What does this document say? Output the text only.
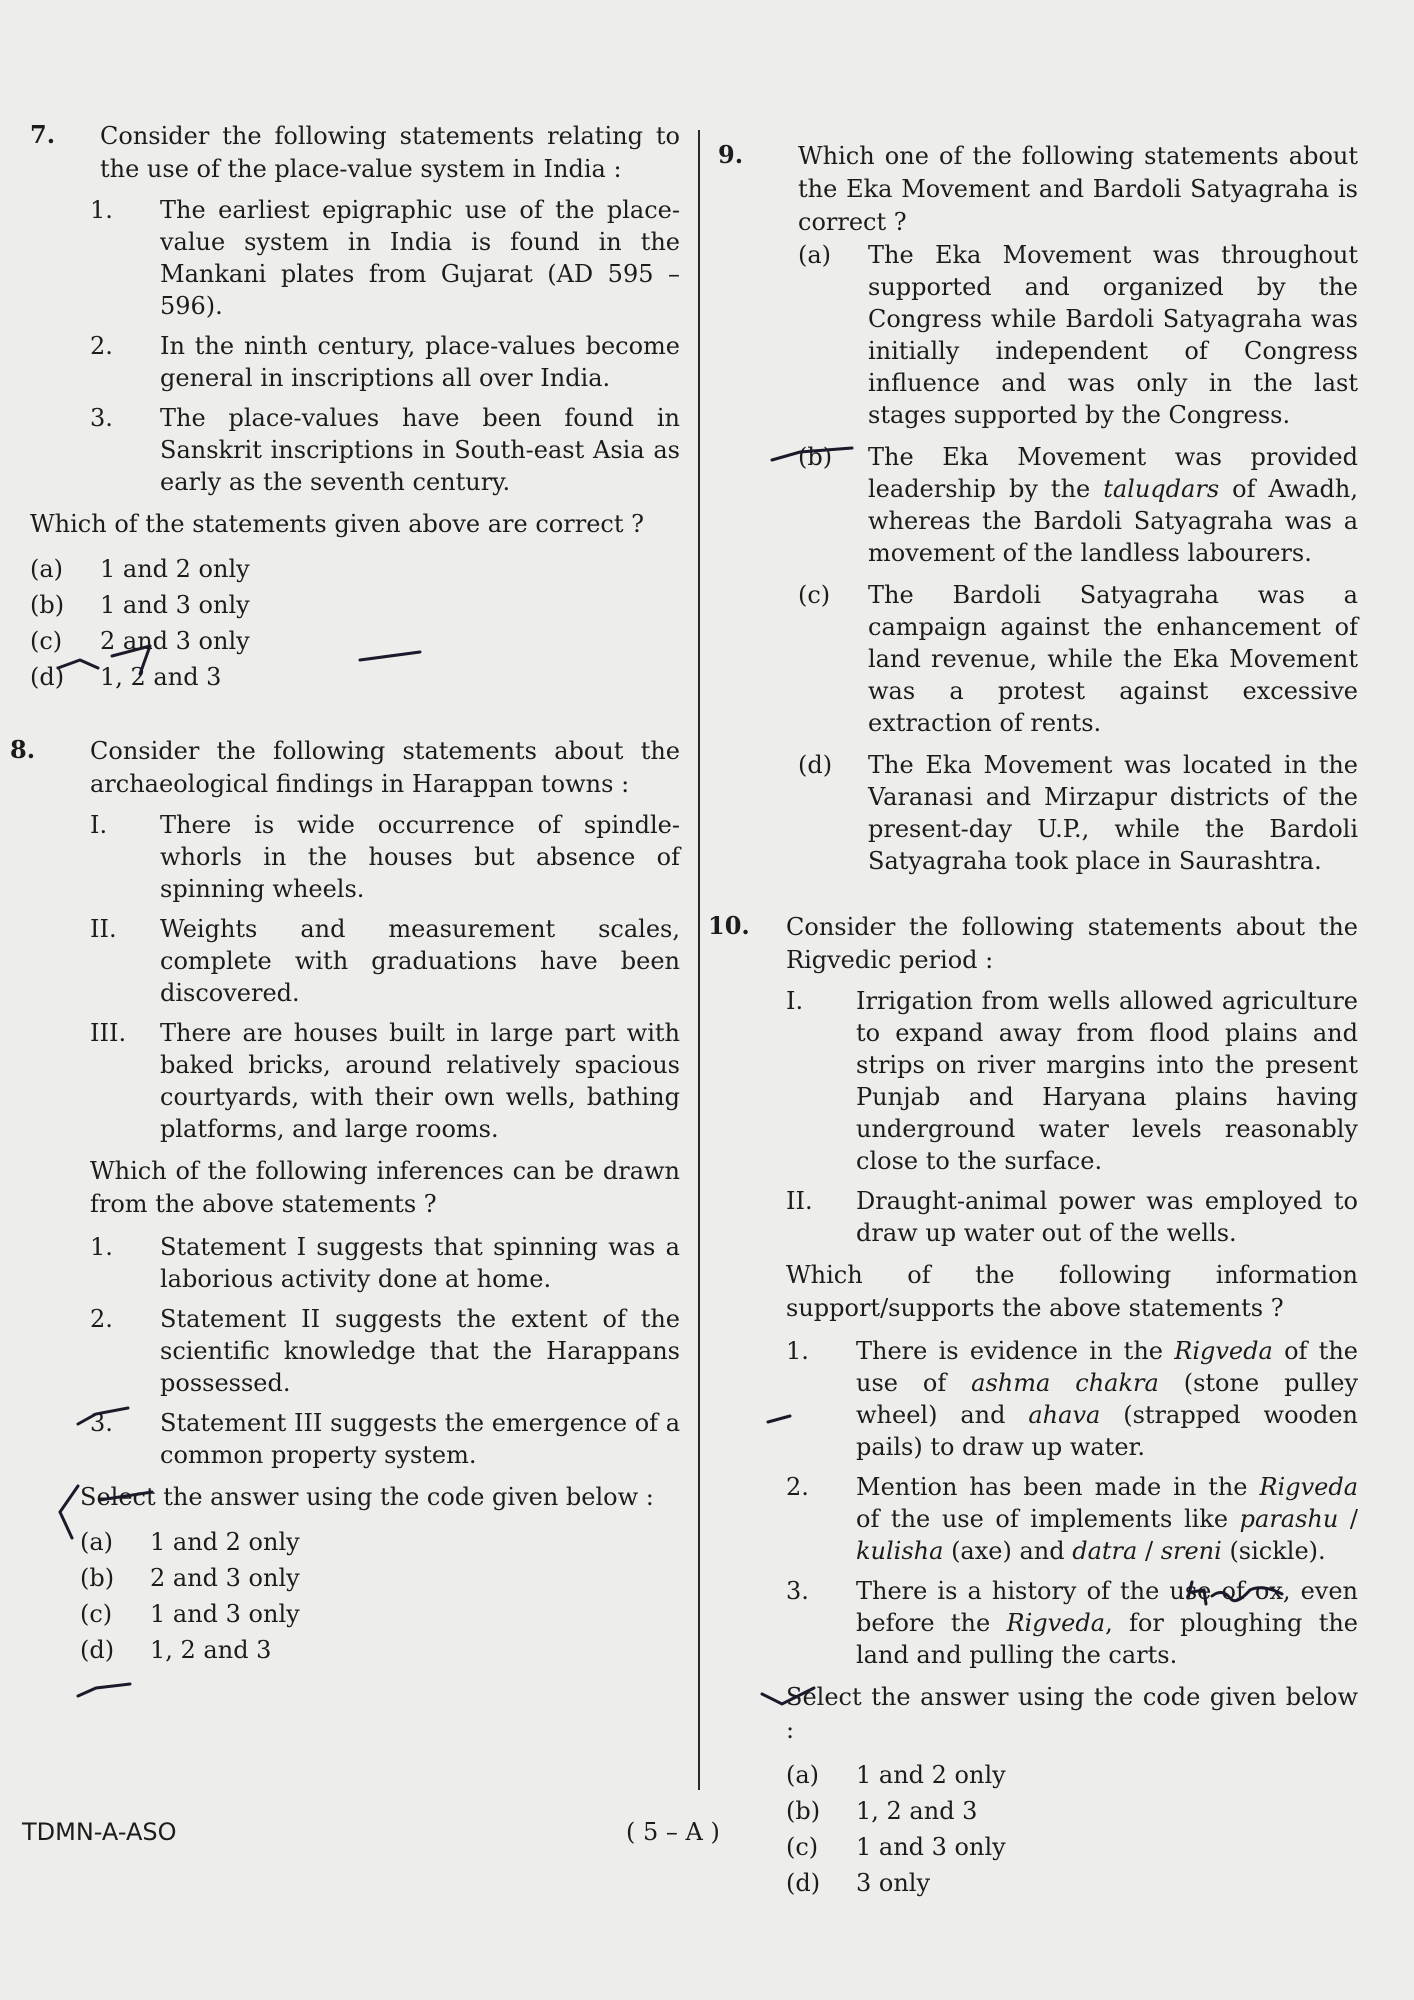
7. Consider the following statements relating to the use of the place-value system in India :
1. The earliest epigraphic use of the place-value system in India is found in the Mankani plates from Gujarat (AD 595 – 596).
2. In the ninth century, place-values become general in inscriptions all over India.
3. The place-values have been found in Sanskrit inscriptions in South-east Asia as early as the seventh century.
Which of the statements given above are correct ?
(a) 1 and 2 only
(b) 1 and 3 only
(c) 2 and 3 only
(d) 1, 2 and 3
8. Consider the following statements about the archaeological findings in Harappan towns :
I. There is wide occurrence of spindle-whorls in the houses but absence of spinning wheels.
II. Weights and measurement scales, complete with graduations have been discovered.
III. There are houses built in large part with baked bricks, around relatively spacious courtyards, with their own wells, bathing platforms, and large rooms.
Which of the following inferences can be drawn from the above statements ?
1. Statement I suggests that spinning was a laborious activity done at home.
2. Statement II suggests the extent of the scientific knowledge that the Harappans possessed.
3. Statement III suggests the emergence of a common property system.
Select the answer using the code given below :
(a) 1 and 2 only
(b) 2 and 3 only
(c) 1 and 3 only
(d) 1, 2 and 3
9. Which one of the following statements about the Eka Movement and Bardoli Satyagraha is correct ?
(a) The Eka Movement was throughout supported and organized by the Congress while Bardoli Satyagraha was initially independent of Congress influence and was only in the last stages supported by the Congress.
(b) The Eka Movement was provided leadership by the taluqdars of Awadh, whereas the Bardoli Satyagraha was a movement of the landless labourers.
(c) The Bardoli Satyagraha was a campaign against the enhancement of land revenue, while the Eka Movement was a protest against excessive extraction of rents.
(d) The Eka Movement was located in the Varanasi and Mirzapur districts of the present-day U.P., while the Bardoli Satyagraha took place in Saurashtra.
10. Consider the following statements about the Rigvedic period :
I. Irrigation from wells allowed agriculture to expand away from flood plains and strips on river margins into the present Punjab and Haryana plains having underground water levels reasonably close to the surface.
II. Draught-animal power was employed to draw up water out of the wells.
Which of the following information support/supports the above statements ?
1. There is evidence in the Rigveda of the use of ashma chakra (stone pulley wheel) and ahava (strapped wooden pails) to draw up water.
2. Mention has been made in the Rigveda of the use of implements like parashu / kulisha (axe) and datra / sreni (sickle).
3. There is a history of the use of ox, even before the Rigveda, for ploughing the land and pulling the carts.
Select the answer using the code given below :
(a) 1 and 2 only
(b) 1, 2 and 3
(c) 1 and 3 only
(d) 3 only
TDMN-A-ASO	( 5 – A )
